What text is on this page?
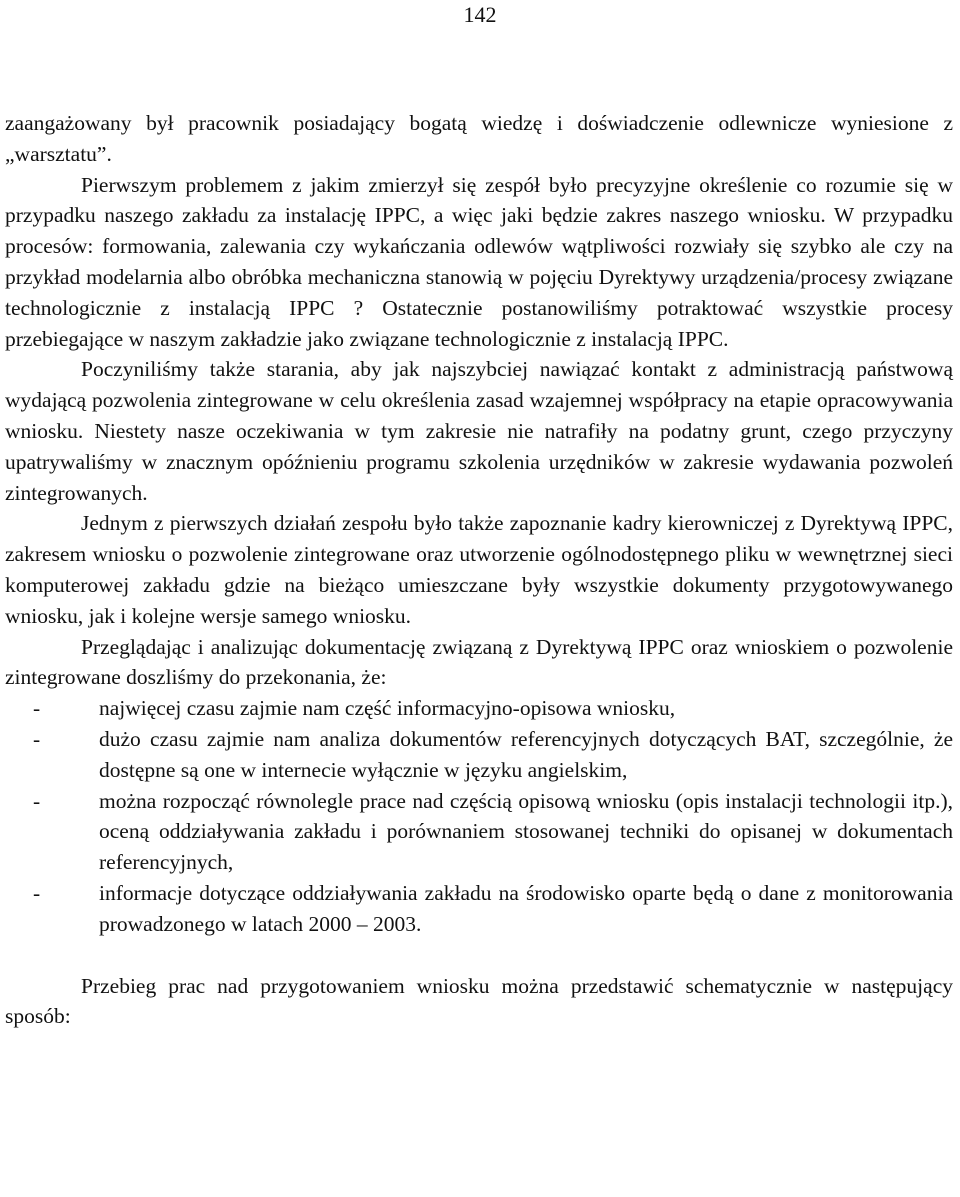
142

zaangażowany był pracownik posiadający bogatą wiedzę i doświadczenie odlewnicze wyniesione z „warsztatu”.

Pierwszym problemem z jakim zmierzył się zespół było precyzyjne określenie co rozumie się w przypadku naszego zakładu za instalację IPPC, a więc jaki będzie zakres naszego wniosku. W przypadku procesów: formowania, zalewania czy wykańczania odlewów wątpliwości rozwiały się szybko ale czy na przykład modelarnia albo obróbka mechaniczna stanowią w pojęciu Dyrektywy urządzenia/procesy związane technologicznie z instalacją IPPC ? Ostatecznie postanowiliśmy potraktować wszystkie procesy przebiegające w naszym zakładzie jako związane technologicznie z instalacją IPPC.

Poczyniliśmy także starania, aby jak najszybciej nawiązać kontakt z administracją państwową wydającą pozwolenia zintegrowane w celu określenia zasad wzajemnej współpracy na etapie opracowywania wniosku. Niestety nasze oczekiwania w tym zakresie nie natrafiły na podatny grunt, czego przyczyny upatrywaliśmy w znacznym opóźnieniu programu szkolenia urzędników w zakresie wydawania pozwoleń zintegrowanych.

Jednym z pierwszych działań zespołu było także zapoznanie kadry kierowniczej z Dyrektywą IPPC, zakresem wniosku o pozwolenie zintegrowane oraz utworzenie ogólnodostępnego pliku w wewnętrznej sieci komputerowej zakładu gdzie na bieżąco umieszczane były wszystkie dokumenty przygotowywanego wniosku, jak i kolejne wersje samego wniosku.

Przeglądając i analizując dokumentację związaną z Dyrektywą IPPC oraz wnioskiem o pozwolenie zintegrowane doszliśmy do przekonania, że:

-	najwięcej czasu zajmie nam część informacyjno-opisowa wniosku,
-	dużo czasu zajmie nam analiza dokumentów referencyjnych dotyczących BAT, szczególnie, że dostępne są one w internecie wyłącznie w języku angielskim,
-	można rozpocząć równolegle prace nad częścią opisową wniosku (opis instalacji technologii itp.), oceną oddziaływania zakładu i porównaniem stosowanej techniki do opisanej w dokumentach referencyjnych,
-	informacje dotyczące oddziaływania zakładu na środowisko oparte będą o dane z monitorowania prowadzonego w latach 2000 – 2003.

Przebieg prac nad przygotowaniem wniosku można przedstawić schematycznie w następujący sposób:
